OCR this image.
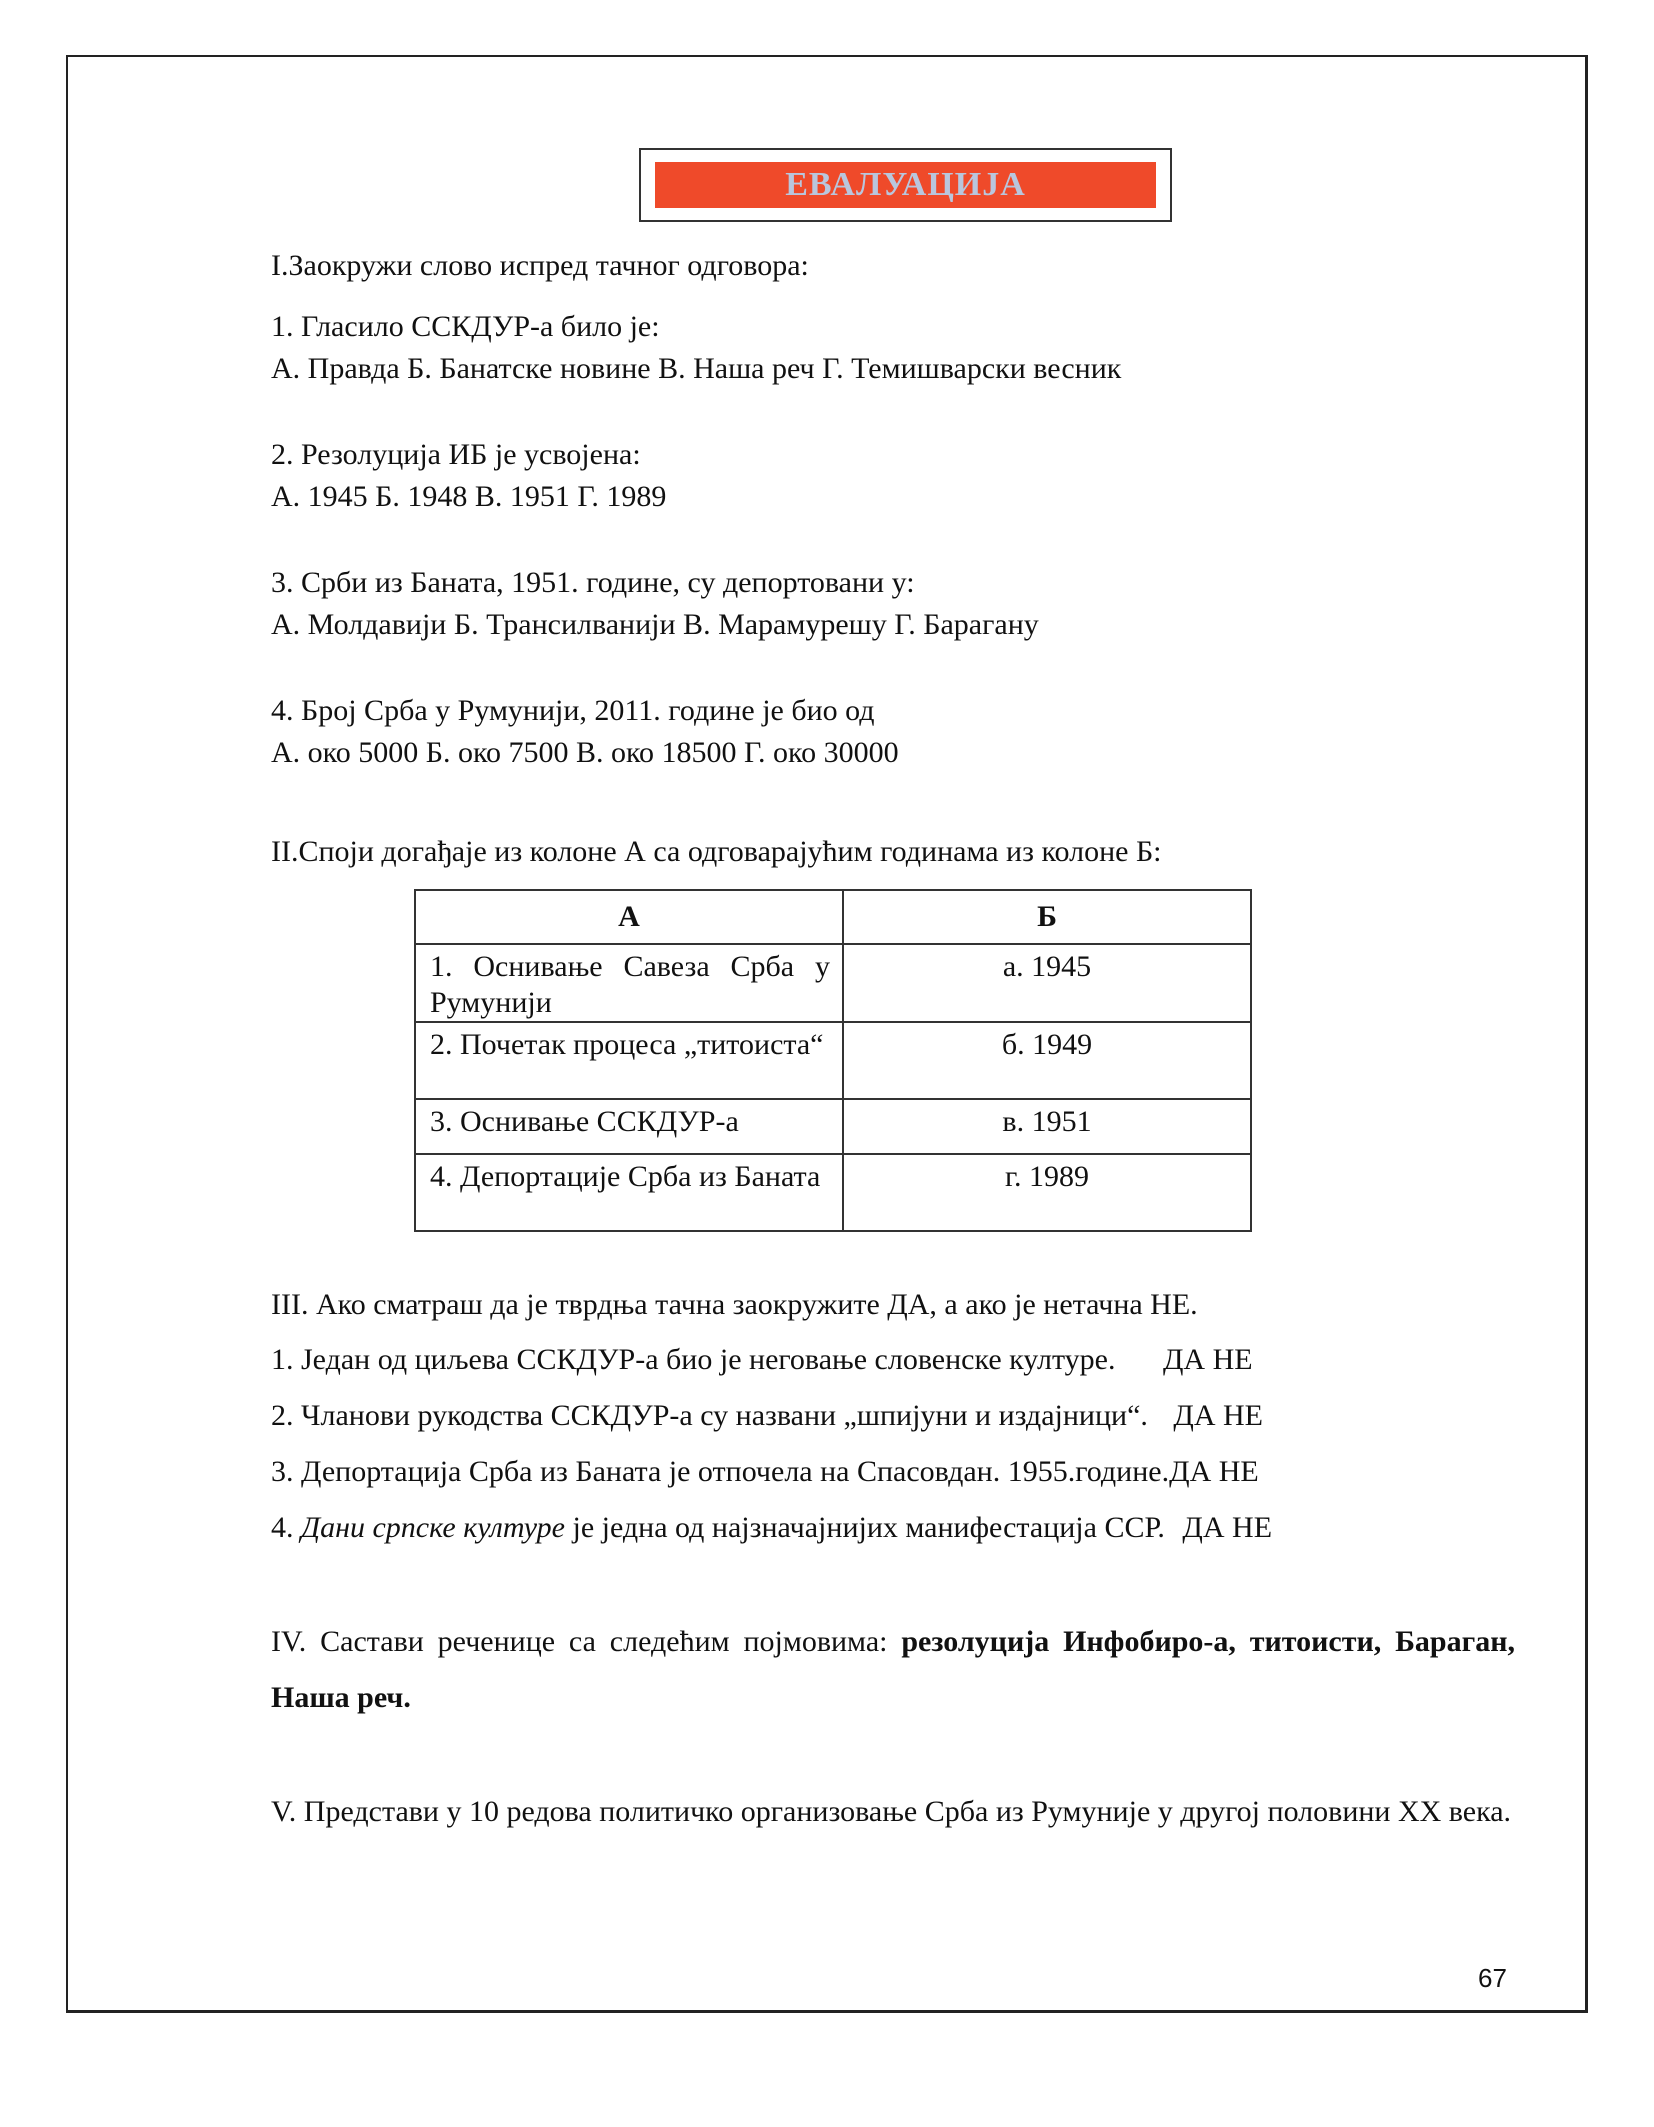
ЕВАЛУАЦИЈА
I.Заокружи слово испред тачног одговора:
1. Гласило ССКДУР-а било је:
А. Правда Б. Банатске новине В. Наша реч Г. Темишварски весник
2. Резолуција ИБ је усвојена:
А. 1945 Б. 1948 В. 1951 Г. 1989
3. Срби из Баната, 1951. године, су депортовани у:
А. Молдавији Б. Трансилванији В. Марамурешу Г. Барагану
4. Број Срба у Румунији, 2011. године је био од
А. око 5000 Б. око 7500 В. око 18500 Г. око 30000
II.Споји догађаје из колоне А са одговарајућим годинама из колоне Б:
III. Ако сматраш да је тврдња тачна заокружите ДА, а ако је нетачна НЕ.
1. Један од циљева ССКДУР-а био је неговање словенске културе. ДА НЕ
2. Чланови рукодства ССКДУР-а су названи „шпијуни и издајници“. ДА НЕ
3. Депортација Срба из Баната је отпочела на Спасовдан. 1955.године.ДА НЕ
4. Дани српске културе је једна од најзначајнијих манифестација ССР. ДА НЕ
IV. Састави реченице са следећим појмовима: резолуција Инфобиро-а, титоисти, Бараган, Наша реч.
V. Представи у 10 редова политичко организовање Срба из Румуније у другој половини XX века.
А	Б
1. Оснивање Савеза Срба у Румунији	а. 1945
2. Почетак процеса „титоиста“	б. 1949
3. Оснивање ССКДУР-а	в. 1951
4. Депортације Срба из Баната	г. 1989
67
